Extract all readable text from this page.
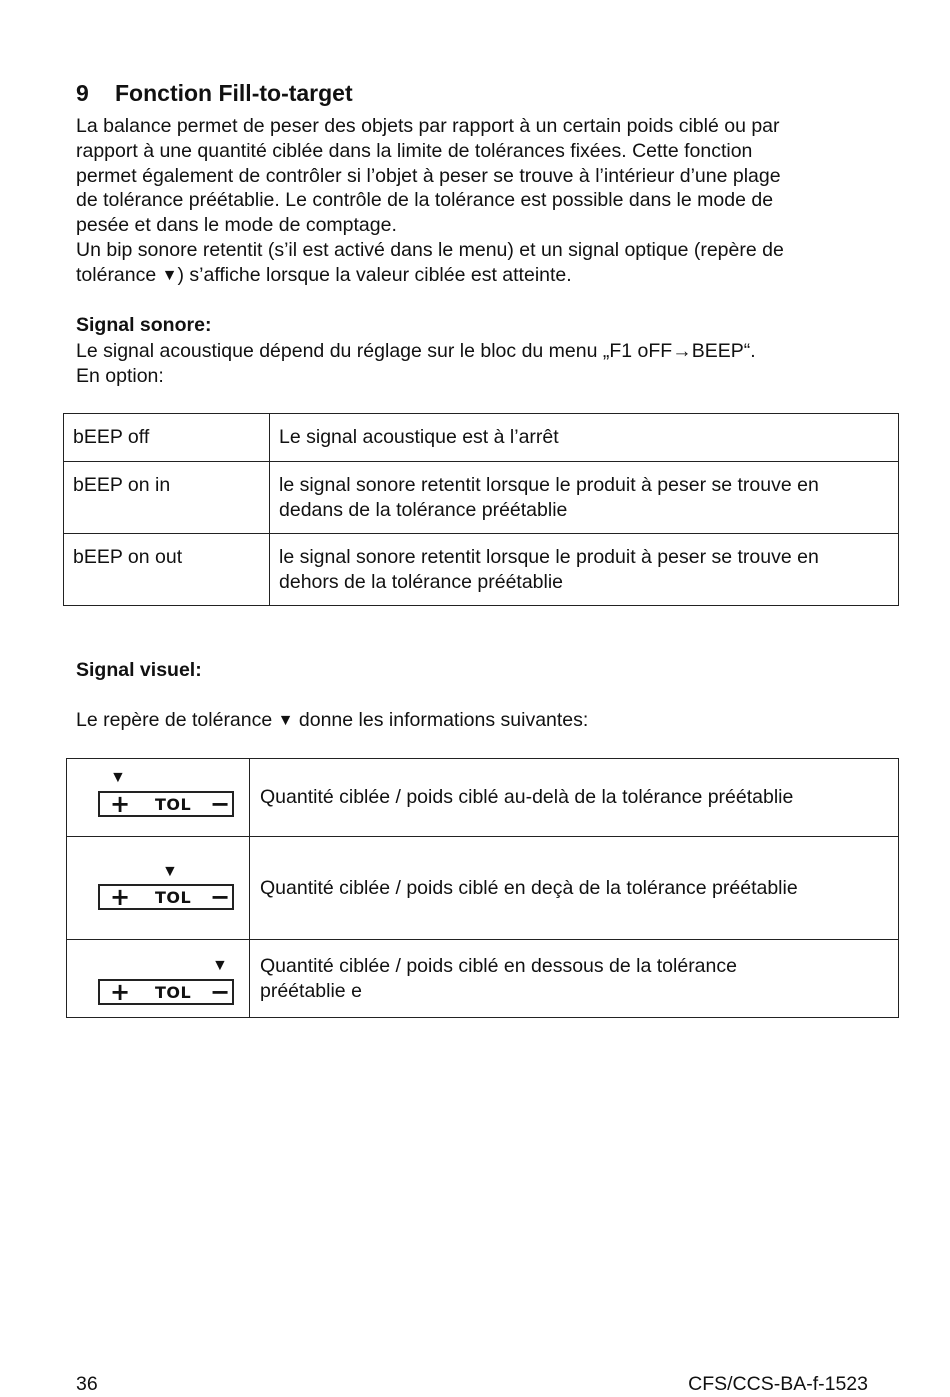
9 Fonction Fill-to-target

La balance permet de peser des objets par rapport à un certain poids ciblé ou par
rapport à une quantité ciblée dans la limite de tolérances fixées. Cette fonction
permet également de contrôler si l’objet à peser se trouve à l’intérieur d’une plage
de tolérance préétablie. Le contrôle de la tolérance est possible dans le mode de
pesée et dans le mode de comptage.
Un bip sonore retentit (s’il est activé dans le menu) et un signal optique (repère de
tolérance ▼) s’affiche lorsque la valeur ciblée est atteinte.

Signal sonore:

Le signal acoustique dépend du réglage sur le bloc du menu „F1 oFF→BEEP“.
En option:

bEEP off	Le signal acoustique est à l’arrêt
bEEP on in	le signal sonore retentit lorsque le produit à peser se trouve en
dedans de la tolérance préétablie

bEEP on out	le signal sonore retentit lorsque le produit à peser se trouve en
dehors de la tolérance préétablie

Signal visuel:

Le repère de tolérance ▼ donne les informations suivantes:

▼
+ TOL −	Quantité ciblée / poids ciblé au-delà de la tolérance préétablie

▼
+ TOL −	Quantité ciblée / poids ciblé en deçà de la tolérance préétablie

▼
+ TOL −	Quantité ciblée / poids ciblé en dessous de la tolérance
préétablie e
36	CFS/CCS-BA-f-1523
